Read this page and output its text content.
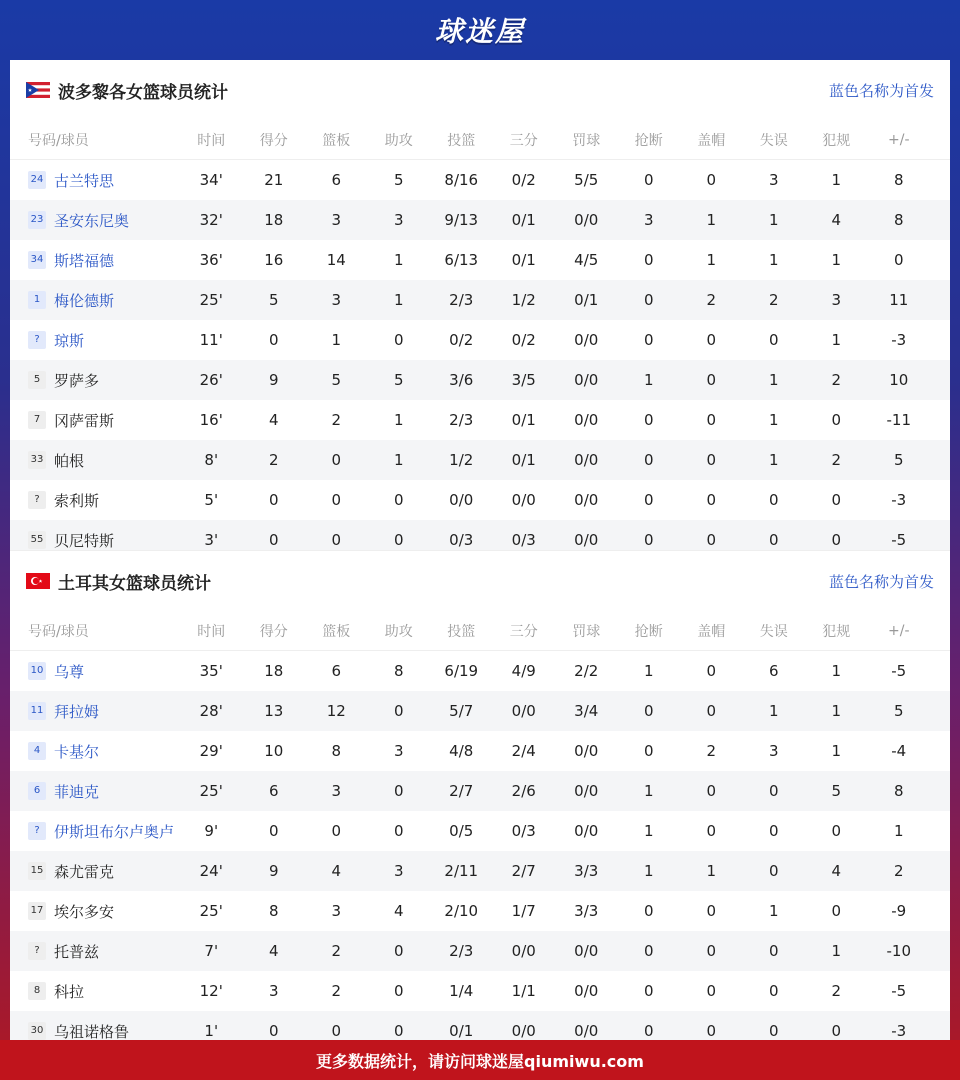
球迷屋
波多黎各女篮球员统计	蓝色名称为首发
号码/球员	时间	得分	篮板	助攻	投篮	三分	罚球	抢断	盖帽	失误	犯规	+/-
24 古兰特思	34'	21	6	5	8/16	0/2	5/5	0	0	3	1	8
23 圣安东尼奥	32'	18	3	3	9/13	0/1	0/0	3	1	1	4	8
34 斯塔福德	36'	16	14	1	6/13	0/1	4/5	0	1	1	1	0
1 梅伦德斯	25'	5	3	1	2/3	1/2	0/1	0	2	2	3	11
? 琼斯	11'	0	1	0	0/2	0/2	0/0	0	0	0	1	-3
5 罗萨多	26'	9	5	5	3/6	3/5	0/0	1	0	1	2	10
7 冈萨雷斯	16'	4	2	1	2/3	0/1	0/0	0	0	1	0	-11
33 帕根	8'	2	0	1	1/2	0/1	0/0	0	0	1	2	5
? 索利斯	5'	0	0	0	0/0	0/0	0/0	0	0	0	0	-3
55 贝尼特斯	3'	0	0	0	0/3	0/3	0/0	0	0	0	0	-5
土耳其女篮球员统计	蓝色名称为首发
号码/球员	时间	得分	篮板	助攻	投篮	三分	罚球	抢断	盖帽	失误	犯规	+/-
10 乌尊	35'	18	6	8	6/19	4/9	2/2	1	0	6	1	-5
11 拜拉姆	28'	13	12	0	5/7	0/0	3/4	0	0	1	1	5
4 卡基尔	29'	10	8	3	4/8	2/4	0/0	0	2	3	1	-4
6 菲迪克	25'	6	3	0	2/7	2/6	0/0	1	0	0	5	8
? 伊斯坦布尔卢奥卢	9'	0	0	0	0/5	0/3	0/0	1	0	0	0	1
15 森尤雷克	24'	9	4	3	2/11	2/7	3/3	1	1	0	4	2
17 埃尔多安	25'	8	3	4	2/10	1/7	3/3	0	0	1	0	-9
? 托普兹	7'	4	2	0	2/3	0/0	0/0	0	0	0	1	-10
8 科拉	12'	3	2	0	1/4	1/1	0/0	0	0	0	2	-5
30 乌祖诺格鲁	1'	0	0	0	0/1	0/0	0/0	0	0	0	0	-3
更多数据统计，请访问球迷屋qiumiwu.com
